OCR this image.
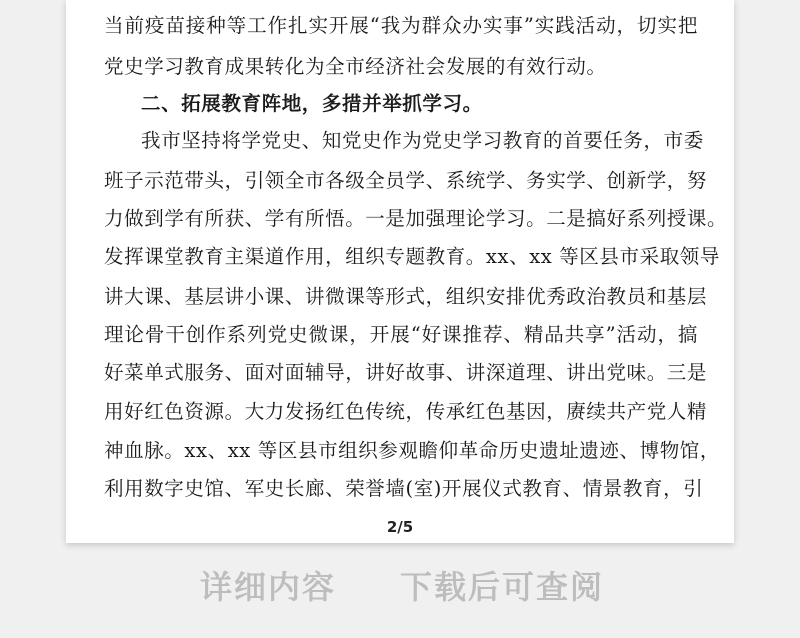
当前疫苗接种等工作扎实开展“我为群众办实事”实践活动，切实把
党史学习教育成果转化为全市经济社会发展的有效行动。
二、拓展教育阵地，多措并举抓学习。
我市坚持将学党史、知党史作为党史学习教育的首要任务，市委
班子示范带头，引领全市各级全员学、系统学、务实学、创新学，努
力做到学有所获、学有所悟。一是加强理论学习。二是搞好系列授课。
发挥课堂教育主渠道作用，组织专题教育。xx、xx 等区县市采取领导
讲大课、基层讲小课、讲微课等形式，组织安排优秀政治教员和基层
理论骨干创作系列党史微课，开展“好课推荐、精品共享”活动，搞
好菜单式服务、面对面辅导，讲好故事、讲深道理、讲出党味。三是
用好红色资源。大力发扬红色传统，传承红色基因，赓续共产党人精
神血脉。xx、xx 等区县市组织参观瞻仰革命历史遗址遗迹、博物馆，
利用数字史馆、军史长廊、荣誉墙(室)开展仪式教育、情景教育，引
2/5
详细内容 下载后可查阅
